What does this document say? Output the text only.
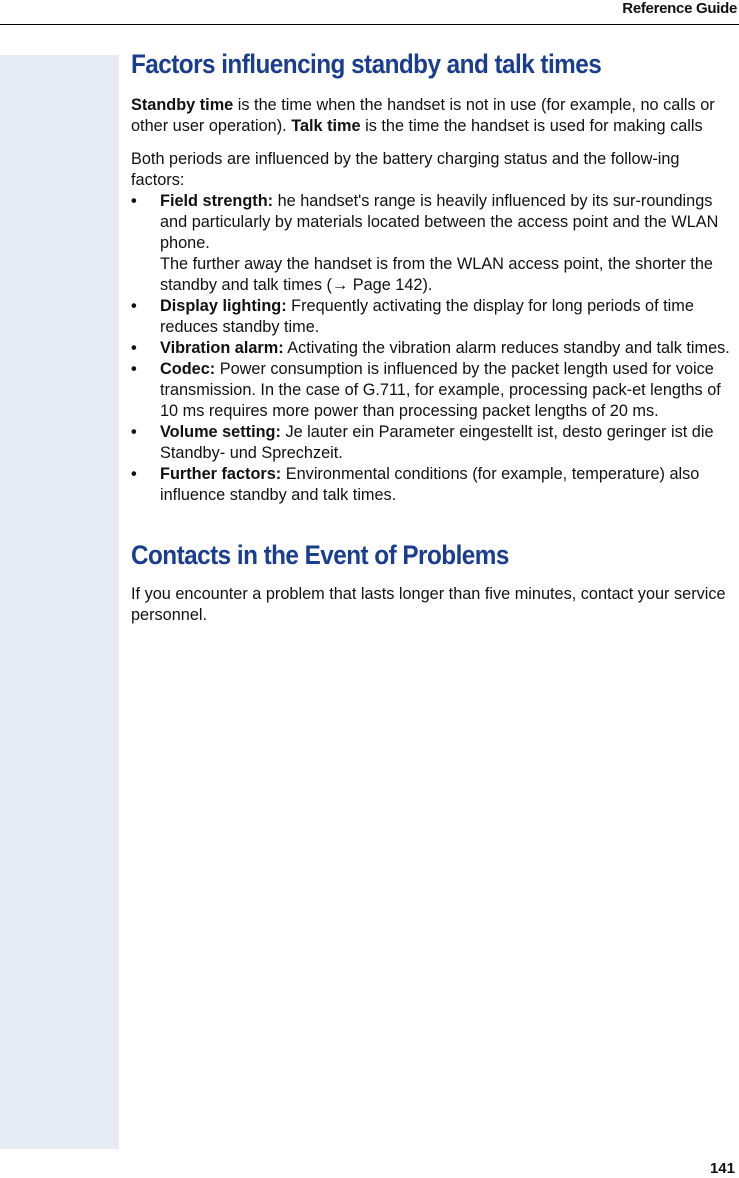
Reference Guide
Factors influencing standby and talk times

Standby time is the time when the handset is not in use (for example, no calls or other user operation). Talk time is the time the handset is used for making calls

Both periods are influenced by the battery charging status and the follow-ing factors:

• Field strength: he handset's range is heavily influenced by its sur-roundings and particularly by materials located between the access point and the WLAN phone.
The further away the handset is from the WLAN access point, the shorter the standby and talk times (→ Page 142).
• Display lighting: Frequently activating the display for long periods of time reduces standby time.
• Vibration alarm: Activating the vibration alarm reduces standby and talk times.
• Codec: Power consumption is influenced by the packet length used for voice transmission. In the case of G.711, for example, processing pack-et lengths of 10 ms requires more power than processing packet lengths of 20 ms.
• Volume setting: Je lauter ein Parameter eingestellt ist, desto geringer ist die Standby- und Sprechzeit.
• Further factors: Environmental conditions (for example, temperature) also influence standby and talk times.
Contacts in the Event of Problems

If you encounter a problem that lasts longer than five minutes, contact your service personnel.

141
